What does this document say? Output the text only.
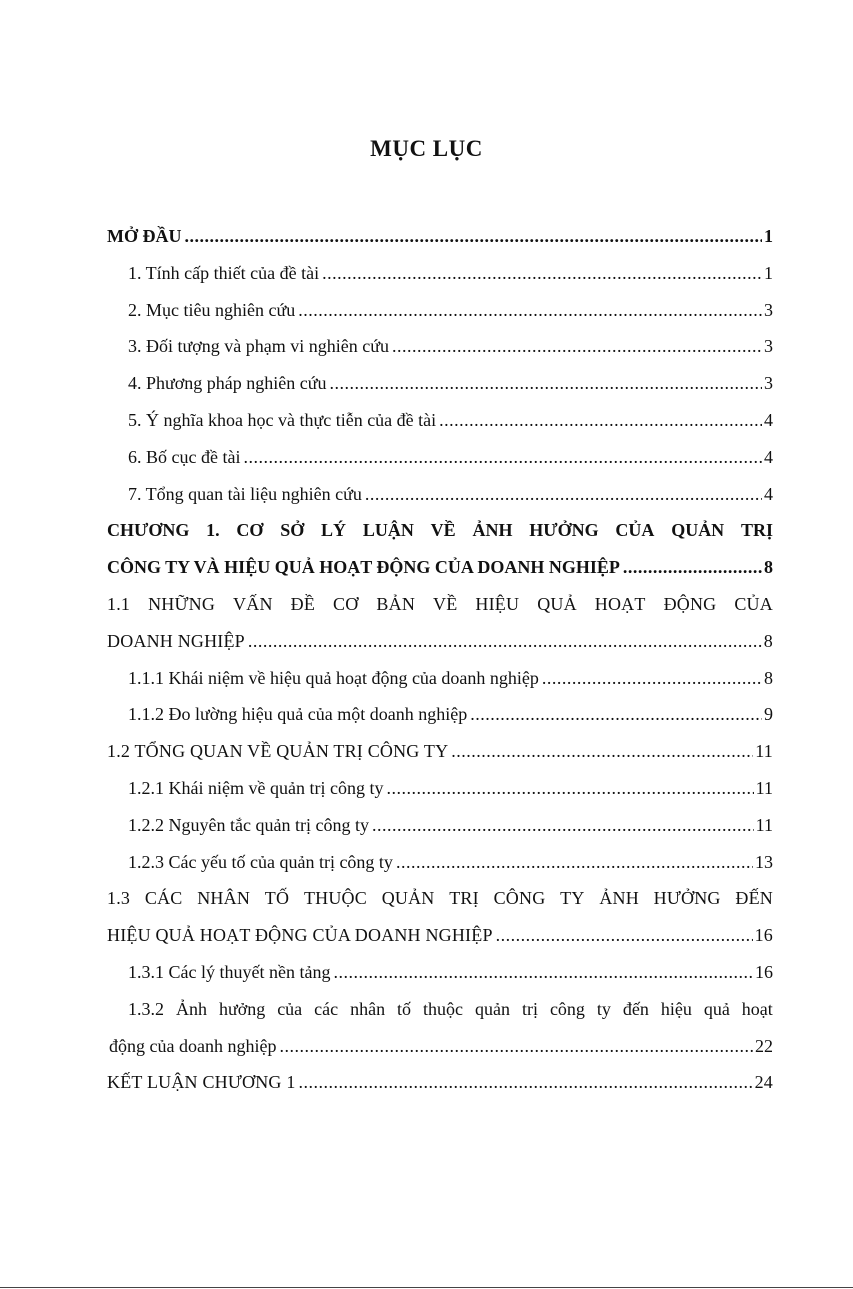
MỤC LỤC
MỞ ĐẦU .....	1
1. Tính cấp thiết của đề tài .....	1
2. Mục tiêu nghiên cứu .....	3
3. Đối tượng và phạm vi nghiên cứu .....	3
4. Phương pháp nghiên cứu .....	3
5. Ý nghĩa khoa học và thực tiễn của đề tài .....	4
6. Bố cục đề tài .....	4
7. Tổng quan tài liệu nghiên cứu .....	4
CHƯƠNG 1. CƠ SỞ LÝ LUẬN VỀ ẢNH HƯỞNG CỦA QUẢN TRỊ
CÔNG TY VÀ HIỆU QUẢ HOẠT ĐỘNG CỦA DOANH NGHIỆP .....	8
1.1 NHỮNG VẤN ĐỀ CƠ BẢN VỀ HIỆU QUẢ HOẠT ĐỘNG CỦA
DOANH NGHIỆP .....	8
1.1.1 Khái niệm về hiệu quả hoạt động của doanh nghiệp .....	8
1.1.2 Đo lường hiệu quả của một doanh nghiệp .....	9
1.2 TỔNG QUAN VỀ QUẢN TRỊ CÔNG TY .....	11
1.2.1 Khái niệm về quản trị công ty .....	11
1.2.2 Nguyên tắc quản trị công ty .....	11
1.2.3 Các yếu tố của quản trị công ty .....	13
1.3 CÁC NHÂN TỐ THUỘC QUẢN TRỊ CÔNG TY ẢNH HƯỞNG ĐẾN
HIỆU QUẢ HOẠT ĐỘNG CỦA DOANH NGHIỆP .....	16
1.3.1 Các lý thuyết nền tảng .....	16
1.3.2 Ảnh hưởng của các nhân tố thuộc quản trị công ty đến hiệu quả hoạt
động của doanh nghiệp .....	22
KẾT LUẬN CHƯƠNG 1 .....	24
